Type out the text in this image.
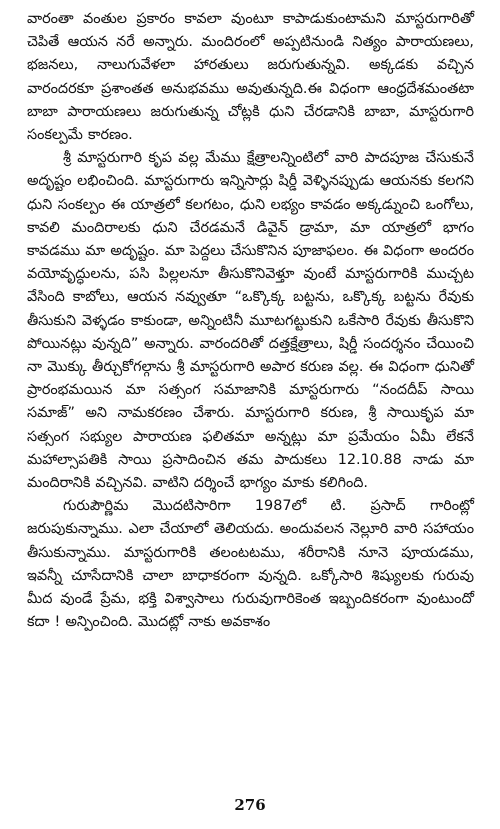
వారంతా వంతుల ప్రకారం కావలా వుంటూ కాపాడుకుంటామని మాస్టరుగారితో చెపితే ఆయన నరే అన్నారు. మందిరంలో అప్పటినుండి నిత్యం పారాయణలు, భజనలు, నాలుగువేళలా హారతులు జరుగుతున్నవి. అక్కడకు వచ్చిన వారందరకూ ప్రశాంతత అనుభవము అవుతున్నది.ఈ విధంగా ఆంధ్రదేశమంతటా బాబా పారాయణలు జరుగుతున్న చోట్లకి ధుని చేరడానికి బాబా, మాస్టరుగారి సంకల్పమే కారణం.

శ్రీ మాస్టరుగారి కృప వల్ల మేము క్షేత్రాలన్నింటిలో వారి పాదపూజ చేసుకునే అదృష్టం లభించింది. మాస్టరుగారు ఇన్నిసార్లు షిర్డీ వెళ్ళినప్పుడు ఆయనకు కలగని ధుని సంకల్పం ఈ యాత్రలో కలగటం, ధుని లభ్యం కావడం అక్కడ్నుంచి ఒంగోలు, కావలి మందిరాలకు ధుని చేరడమనే డివైన్ డ్రామా, మా యాత్రలో భాగం కావడము మా అదృష్టం. మా పెద్దలు చేసుకొనిన పూజాఫలం. ఈ విధంగా అందరం వయోవృద్ధులను, పసి పిల్లలనూ తీసుకొనివెళ్తూ వుంటే మాస్టరుగారికి ముచ్చట వేసింది కాబోలు, ఆయన నవ్వుతూ “ఒక్కొక్క బట్టను, ఒక్కొక్క బట్టను రేవుకు తీసుకుని వెళ్ళడం కాకుండా, అన్నింటినీ మూటగట్టుకుని ఒకేసారి రేవుకు తీసుకొని పోయినట్లు వున్నది” అన్నారు. వారందరితో దత్తక్షేత్రాలు, షిర్డీ సందర్శనం చేయించి నా మొక్కు తీర్చుకోగల్గాను శ్రీ మాస్టరుగారి అపార కరుణ వల్ల. ఈ విధంగా ధునితో ప్రారంభమయిన మా సత్సంగ సమాజానికి మాస్టరుగారు “నందదీప్ సాయి సమాజ్” అని నామకరణం చేశారు. మాస్టరుగారి కరుణ, శ్రీ సాయికృప మా సత్సంగ సభ్యుల పారాయణ ఫలితమా అన్నట్లు మా ప్రమేయం ఏమీ లేకనే మహాల్సాపతికి సాయి ప్రసాదించిన తమ పాదుకలు 12.10.88 నాడు మా మందిరానికి వచ్చినవి. వాటిని దర్శించే భాగ్యం మాకు కలిగింది.

గురుపౌర్ణిమ మొదటిసారిగా 1987లో టి. ప్రసాద్ గారింట్లో జరుపుకున్నాము. ఎలా చేయాలో తెలియదు. అందువలన నెల్లూరి వారి సహాయం తీసుకున్నాము. మాస్టరుగారికి తలంటటము, శరీరానికి నూనె పూయడము, ఇవన్నీ చూసేదానికి చాలా బాధాకరంగా వున్నది. ఒక్కోసారి శిష్యులకు గురువు మీద వుండే ప్రేమ, భక్తి విశ్వాసాలు గురువుగారికెంత ఇబ్బందికరంగా వుంటుందో కదా ! అన్పించింది. మొదట్లో నాకు అవకాశం

276
